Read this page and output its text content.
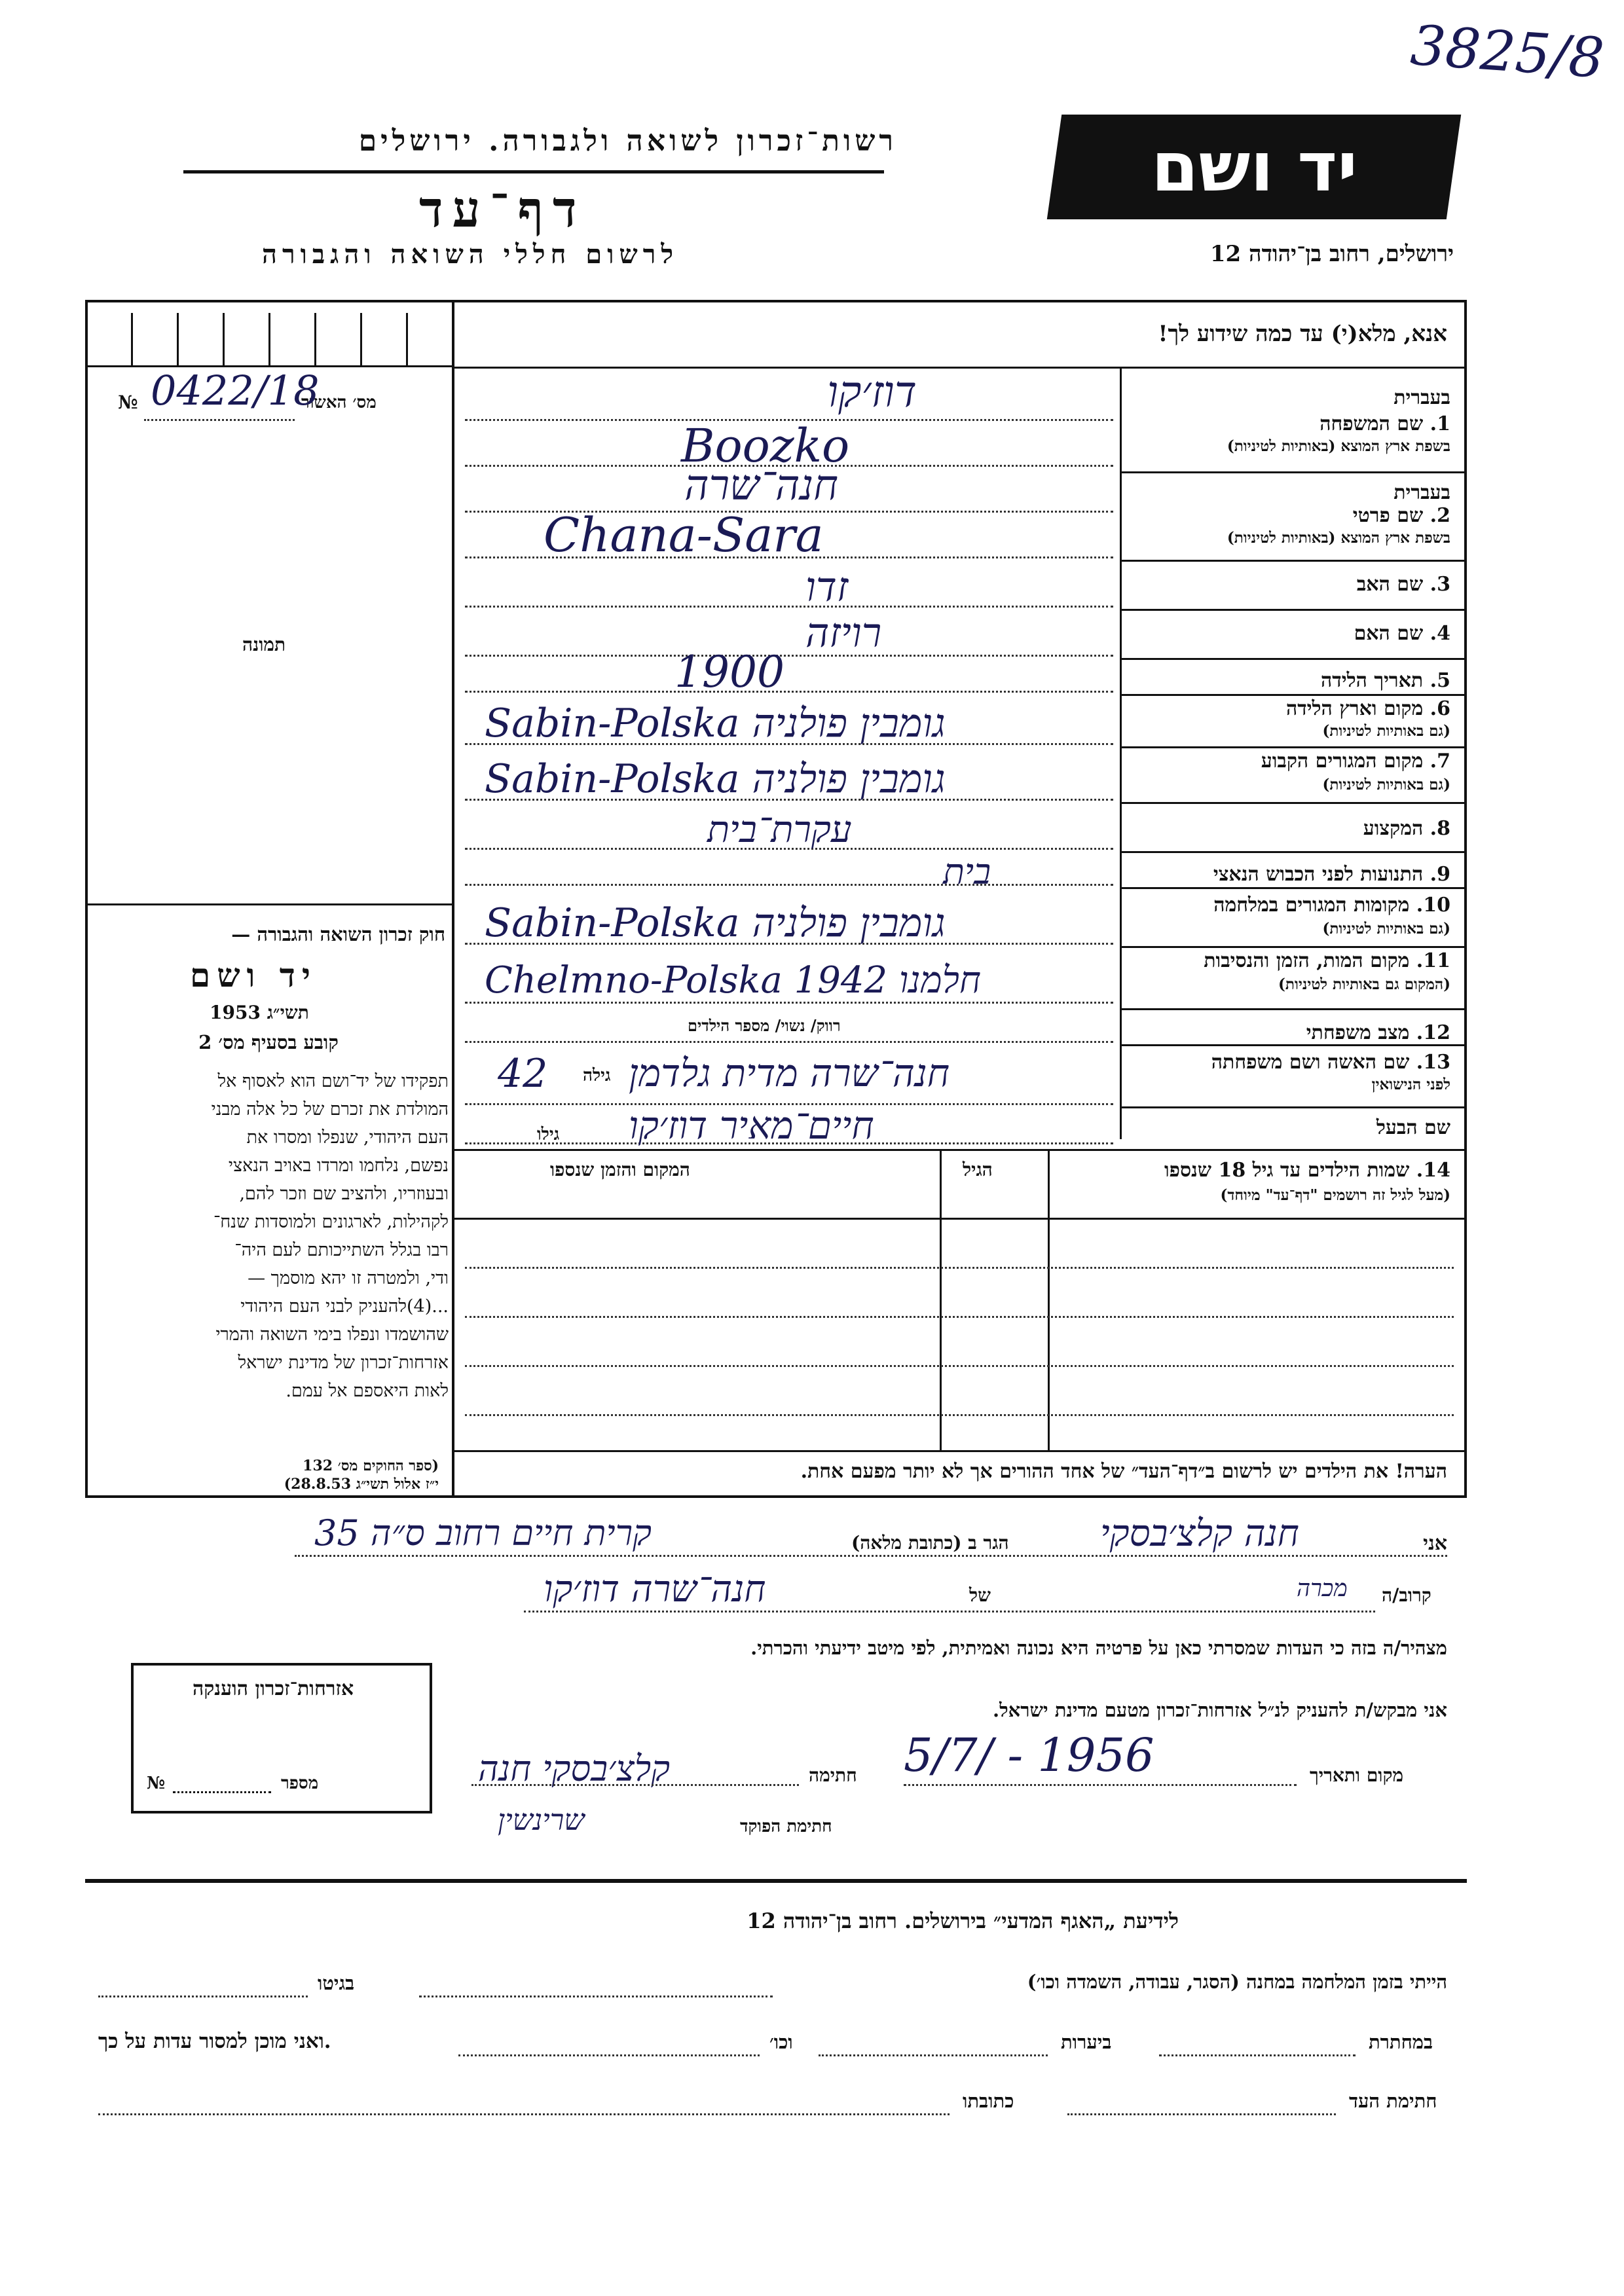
3825/8
רשות־זכרון לשואה ולגבורה. ירושלים
דף־עד
לרשום חללי השואה והגבורה
יד ושם
ירושלים, רחוב בן־יהודה 12
אנא, מלא(י) עד כמה שידוע לך!
מס׳ האשור
№ 0422/18
תמונה
חוק זכרון השואה והגבורה —
יד ושם
1953 תשי״ג
קובע בסעיף מס׳ 2
תפקידו של יד־ושם הוא לאסוף אל
המולדת את זכרם של כל אלה מבני
העם היהודי, שנפלו ומסרו את
נפשם, נלחמו ומרדו באויב הנאצי
ובעוזריו, ולהציב שם וזכר להם,
לקהילות, לארגונים ולמוסדות שנח־
רבו בגלל השתייכותם לעם היה־
ודי, ולמטרה זו יהא מוסמך —
...(4)להעניק לבני העם היהודי
שהושמדו ונפלו בימי השואה והמרי
אזרחות־זכרון של מדינת ישראל
לאות היאספם אל עמם.
(ספר החוקים מס׳ 132
י״ז אלול תשי״ג 28.8.53)
בעברית
1. שם המשפחה
בשפת ארץ המוצא (באותיות לטיניות)
בעברית
2. שם פרטי
בשפת ארץ המוצא (באותיות לטיניות)
3. שם האב
4. שם האם
5. תאריך הלידה
6. מקום וארץ הלידה
(גם באותיות לטיניות)
7. מקום המגורים הקבוע
(גם באותיות לטיניות)
8. המקצוע
9. התנועות לפני הכבוש הנאצי
10. מקומות המגורים במלחמה
(גם באותיות לטיניות)
11. מקום המות, הזמן והנסיבות
(המקום גם באותיות לטיניות)
12. מצב משפחתי
13. שם האשה ושם משפחתה
לפני הנישואין
שם הבעל
דוז׳קו
Boozko
חנה־שרה
Chana-Sara
זדו
רויזה
1900
Sabin-Polska גומבין פולניה
Sabin-Polska גומבין פולניה
עקרת־בית
בית
Sabin-Polska גומבין פולניה
Chelmno-Polska 1942 חלמנו
רווק/ נשוי/ מספר הילדים
גילה
42 חנה־שרה מדית גלדמן
גילו חיים־מאיר דוז׳קו
14. שמות הילדים עד גיל 18 שנספו
(מעל לגיל זה רושמים "דף־עד" מיוחד)
הגיל
המקום והזמן שנספו
הערה! את הילדים יש לרשום ב״דף־העד״ של אחד ההורים אך לא יותר מפעם אחת.
אני
חנה קלצ׳בסקי
הגר ב (כתובת מלאה)
קרית חיים רחוב ס״ה 35
קרוב/ה
מכרה
של
חנה־שרה דוז׳קו
מצהיר/ה בזה כי העדות שמסרתי כאן על פרטיה היא נכונה ואמיתית, לפי מיטב ידיעתי והכרתי.
אני מבקש/ת להעניק לנ״ל אזרחות־זכרון מטעם מדינת ישראל.
מקום ותאריך
5/7/ - 1956
חתימה
קלצ׳בסקי חנה
חתימת הפוקד
שרינשין
אזרחות־זכרון הוענקה
מספר
№
לידיעת „האגף המדעי״ בירושלים. רחוב בן־יהודה 12
הייתי בזמן המלחמה במחנה (הסגר, עבודה, השמדה וכו׳)
בגיטו
במחתרת
ביערות
וכו׳
ואני מוכן למסור עדות על כך.
חתימת העד
כתובתו
